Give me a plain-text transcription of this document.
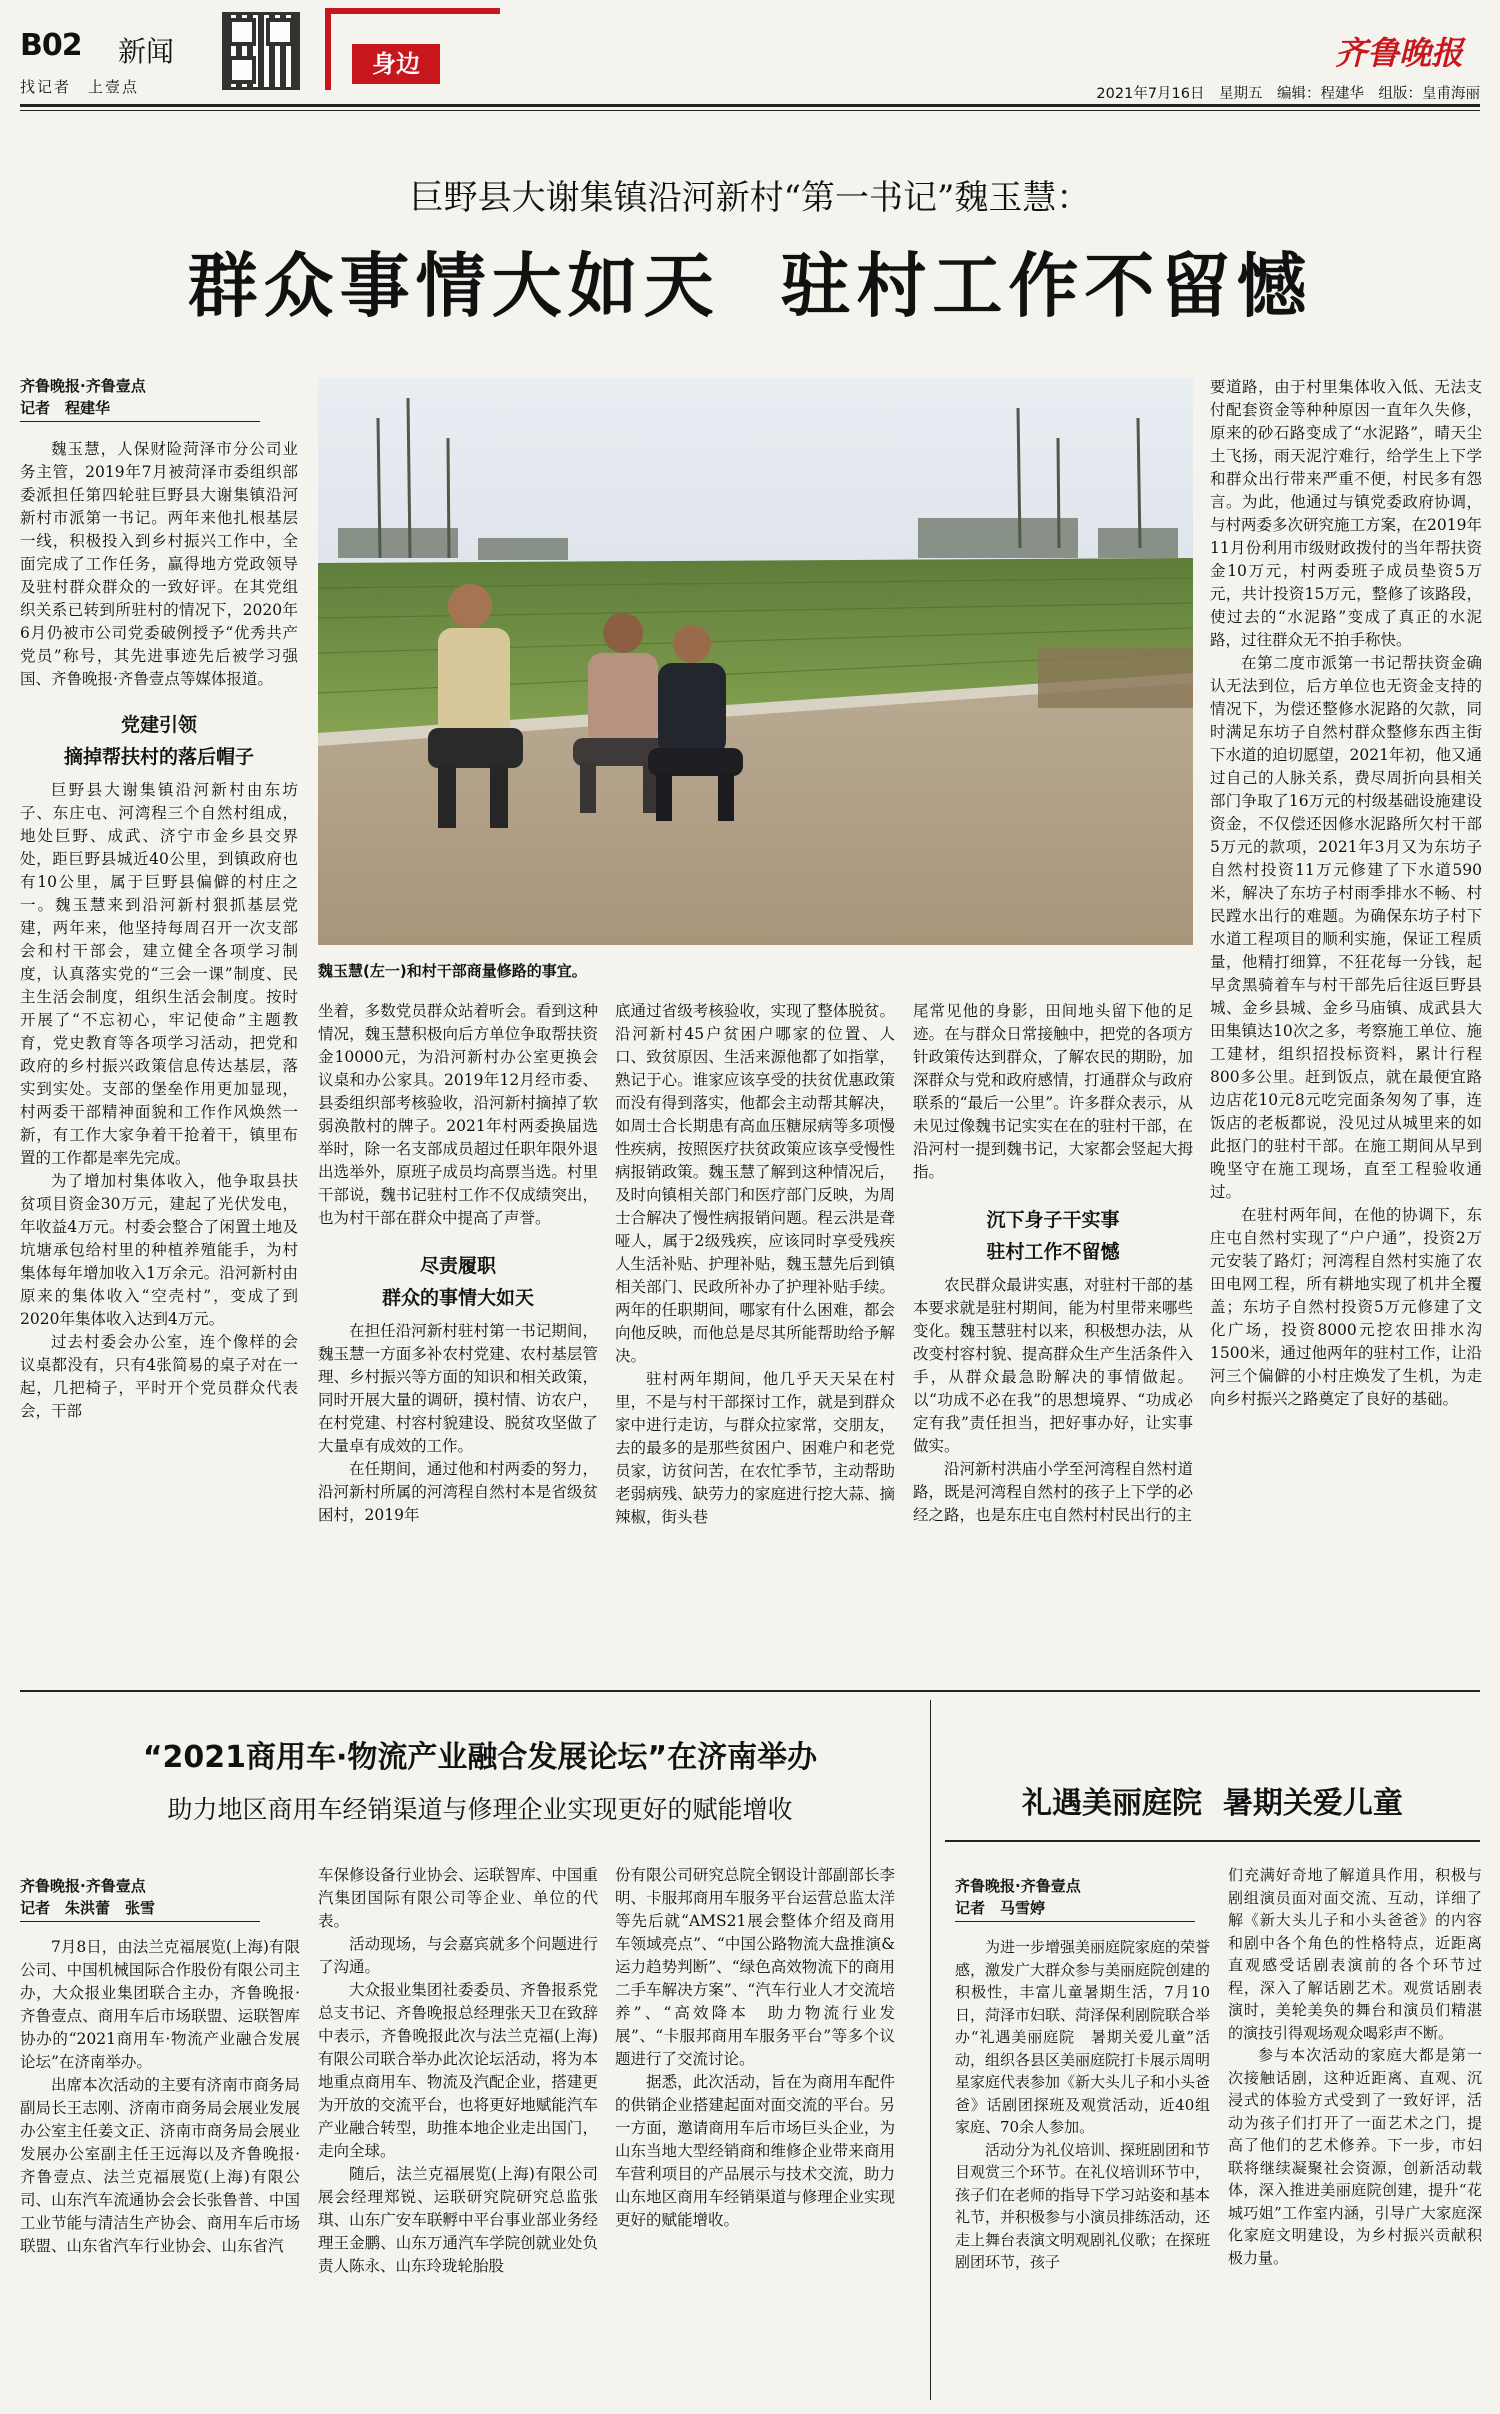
B02 新闻
找记者　上壹点
身边	齐鲁晚报
2021年7月16日　星期五　编辑：程建华　组版：皇甫海丽
巨野县大谢集镇沿河新村“第一书记”魏玉慧：
群众事情大如天  驻村工作不留憾
齐鲁晚报·齐鲁壹点
记者　程建华

魏玉慧，人保财险菏泽市分公司业务主管，2019年7月被菏泽市委组织部委派担任第四轮驻巨野县大谢集镇沿河新村市派第一书记。两年来他扎根基层一线，积极投入到乡村振兴工作中，全面完成了工作任务，赢得地方党政领导及驻村群众群众的一致好评。在其党组织关系已转到所驻村的情况下，2020年6月仍被市公司党委破例授予“优秀共产党员”称号，其先进事迹先后被学习强国、齐鲁晚报·齐鲁壹点等媒体报道。

党建引领
摘掉帮扶村的落后帽子

巨野县大谢集镇沿河新村由东坊子、东庄屯、河湾程三个自然村组成，地处巨野、成武、济宁市金乡县交界处，距巨野县城近40公里，到镇政府也有10公里，属于巨野县偏僻的村庄之一。魏玉慧来到沿河新村狠抓基层党建，两年来，他坚持每周召开一次支部会和村干部会，建立健全各项学习制度，认真落实党的“三会一课”制度、民主生活会制度，组织生活会制度。按时开展了“不忘初心，牢记使命”主题教育，党史教育等各项学习活动，把党和政府的乡村振兴政策信息传达基层，落实到实处。支部的堡垒作用更加显现，村两委干部精神面貌和工作作风焕然一新，有工作大家争着干抢着干，镇里布置的工作都是率先完成。

为了增加村集体收入，他争取县扶贫项目资金30万元，建起了光伏发电，年收益4万元。村委会整合了闲置土地及坑塘承包给村里的种植养殖能手，为村集体每年增加收入1万余元。沿河新村由原来的集体收入“空壳村”，变成了到2020年集体收入达到4万元。

过去村委会办公室，连个像样的会议桌都没有，只有4张简易的桌子对在一起，几把椅子，平时开个党员群众代表会，干部

魏玉慧(左一)和村干部商量修路的事宜。

坐着，多数党员群众站着听会。看到这种情况，魏玉慧积极向后方单位争取帮扶资金10000元，为沿河新村办公室更换会议桌和办公家具。2019年12月经市委、县委组织部考核验收，沿河新村摘掉了软弱涣散村的牌子。2021年村两委换届选举时，除一名支部成员超过任职年限外退出选举外，原班子成员均高票当选。村里干部说，魏书记驻村工作不仅成绩突出，也为村干部在群众中提高了声誉。

尽责履职
群众的事情大如天

在担任沿河新村驻村第一书记期间，魏玉慧一方面多补农村党建、农村基层管理、乡村振兴等方面的知识和相关政策，同时开展大量的调研，摸村情、访农户，在村党建、村容村貌建设、脱贫攻坚做了大量卓有成效的工作。

在任期间，通过他和村两委的努力，沿河新村所属的河湾程自然村本是省级贫困村，2019年

底通过省级考核验收，实现了整体脱贫。沿河新村45户贫困户哪家的位置、人口、致贫原因、生活来源他都了如指掌，熟记于心。谁家应该享受的扶贫优惠政策而没有得到落实，他都会主动帮其解决，如周士合长期患有高血压糖尿病等多项慢性疾病，按照医疗扶贫政策应该享受慢性病报销政策。魏玉慧了解到这种情况后，及时向镇相关部门和医疗部门反映，为周士合解决了慢性病报销问题。程云洪是聋哑人，属于2级残疾，应该同时享受残疾人生活补贴、护理补贴，魏玉慧先后到镇相关部门、民政所补办了护理补贴手续。两年的任职期间，哪家有什么困难，都会向他反映，而他总是尽其所能帮助给予解决。

驻村两年期间，他几乎天天呆在村里，不是与村干部探讨工作，就是到群众家中进行走访，与群众拉家常，交朋友，去的最多的是那些贫困户、困难户和老党员家，访贫问苦，在农忙季节，主动帮助老弱病残、缺劳力的家庭进行挖大蒜、摘辣椒，街头巷

尾常见他的身影，田间地头留下他的足迹。在与群众日常接触中，把党的各项方针政策传达到群众，了解农民的期盼，加深群众与党和政府感情，打通群众与政府联系的“最后一公里”。许多群众表示，从未见过像魏书记实实在在的驻村干部，在沿河村一提到魏书记，大家都会竖起大拇指。

沉下身子干实事
驻村工作不留憾

农民群众最讲实惠，对驻村干部的基本要求就是驻村期间，能为村里带来哪些变化。魏玉慧驻村以来，积极想办法，从改变村容村貌、提高群众生产生活条件入手，从群众最急盼解决的事情做起。以“功成不必在我”的思想境界、“功成必定有我”责任担当，把好事办好，让实事做实。

沿河新村洪庙小学至河湾程自然村道路，既是河湾程自然村的孩子上下学的必经之路，也是东庄屯自然村村民出行的主

要道路，由于村里集体收入低、无法支付配套资金等种种原因一直年久失修，原来的砂石路变成了“水泥路”，晴天尘土飞扬，雨天泥泞难行，给学生上下学和群众出行带来严重不便，村民多有怨言。为此，他通过与镇党委政府协调，与村两委多次研究施工方案，在2019年11月份利用市级财政拨付的当年帮扶资金10万元，村两委班子成员垫资5万元，共计投资15万元，整修了该路段，使过去的“水泥路”变成了真正的水泥路，过往群众无不拍手称快。

在第二度市派第一书记帮扶资金确认无法到位，后方单位也无资金支持的情况下，为偿还整修水泥路的欠款，同时满足东坊子自然村群众整修东西主街下水道的迫切愿望，2021年初，他又通过自己的人脉关系，费尽周折向县相关部门争取了16万元的村级基础设施建设资金，不仅偿还因修水泥路所欠村干部5万元的款项，2021年3月又为东坊子自然村投资11万元修建了下水道590米，解决了东坊子村雨季排水不畅、村民蹚水出行的难题。为确保东坊子村下水道工程项目的顺利实施，保证工程质量，他精打细算，不狂花每一分钱，起早贪黑骑着车与村干部先后往返巨野县城、金乡县城、金乡马庙镇、成武县大田集镇达10次之多，考察施工单位、施工建材，组织招投标资料，累计行程800多公里。赶到饭点，就在最便宜路边店花10元8元吃完面条匆匆了事，连饭店的老板都说，没见过从城里来的如此抠门的驻村干部。在施工期间从早到晚坚守在施工现场，直至工程验收通过。

在驻村两年间，在他的协调下，东庄屯自然村实现了“户户通”，投资2万元安装了路灯；河湾程自然村实施了农田电网工程，所有耕地实现了机井全覆盖；东坊子自然村投资5万元修建了文化广场，投资8000元挖农田排水沟1500米，通过他两年的驻村工作，让沿河三个偏僻的小村庄焕发了生机，为走向乡村振兴之路奠定了良好的基础。

“2021商用车·物流产业融合发展论坛”在济南举办
助力地区商用车经销渠道与修理企业实现更好的赋能增收
齐鲁晚报·齐鲁壹点
记者　朱洪蕾　张雪

7月8日，由法兰克福展览(上海)有限公司、中国机械国际合作股份有限公司主办，大众报业集团联合主办，齐鲁晚报·齐鲁壹点、商用车后市场联盟、运联智库协办的“2021商用车·物流产业融合发展论坛”在济南举办。

出席本次活动的主要有济南市商务局副局长王志刚、济南市商务局会展业发展办公室主任姜文正、济南市商务局会展业发展办公室副主任王远海以及齐鲁晚报·齐鲁壹点、法兰克福展览(上海)有限公司、山东汽车流通协会会长张鲁普、中国工业节能与清洁生产协会、商用车后市场联盟、山东省汽车行业协会、山东省汽

车保修设备行业协会、运联智库、中国重汽集团国际有限公司等企业、单位的代表。

活动现场，与会嘉宾就多个问题进行了沟通。

大众报业集团社委委员、齐鲁报系党总支书记、齐鲁晚报总经理张天卫在致辞中表示，齐鲁晚报此次与法兰克福(上海)有限公司联合举办此次论坛活动，将为本地重点商用车、物流及汽配企业，搭建更为开放的交流平台，也将更好地赋能汽车产业融合转型，助推本地企业走出国门，走向全球。

随后，法兰克福展览(上海)有限公司展会经理郑锐、运联研究院研究总监张琪、山东广安车联孵中平台事业部业务经理王金鹏、山东万通汽车学院创就业处负责人陈永、山东玲珑轮胎股

份有限公司研究总院全钢设计部副部长李明、卡服邦商用车服务平台运营总监太洋等先后就“AMS21展会整体介绍及商用车领域亮点”、“中国公路物流大盘推演&运力趋势判断”、“绿色高效物流下的商用二手车解决方案”、“汽车行业人才交流培养”、“高效降本　助力物流行业发展”、“卡服邦商用车服务平台”等多个议题进行了交流讨论。

据悉，此次活动，旨在为商用车配件的供销企业搭建起面对面交流的平台。另一方面，邀请商用车后市场巨头企业，为山东当地大型经销商和维修企业带来商用车营利项目的产品展示与技术交流，助力山东地区商用车经销渠道与修理企业实现更好的赋能增收。

礼遇美丽庭院  暑期关爱儿童
齐鲁晚报·齐鲁壹点
记者　马雪婷

为进一步增强美丽庭院家庭的荣誉感，激发广大群众参与美丽庭院创建的积极性，丰富儿童暑期生活，7月10日，菏泽市妇联、菏泽保利剧院联合举办“礼遇美丽庭院　暑期关爱儿童”活动，组织各县区美丽庭院打卡展示周明星家庭代表参加《新大头儿子和小头爸爸》话剧团探班及观赏活动，近40组家庭、70余人参加。

活动分为礼仪培训、探班剧团和节目观赏三个环节。在礼仪培训环节中，孩子们在老师的指导下学习站姿和基本礼节，并积极参与小演员排练活动，还走上舞台表演文明观剧礼仪歌；在探班剧团环节，孩子

们充满好奇地了解道具作用，积极与剧组演员面对面交流、互动，详细了解《新大头儿子和小头爸爸》的内容和剧中各个角色的性格特点，近距离直观感受话剧表演前的各个环节过程，深入了解话剧艺术。观赏话剧表演时，美轮美奂的舞台和演员们精湛的演技引得观场观众喝彩声不断。

参与本次活动的家庭大都是第一次接触话剧，这种近距离、直观、沉浸式的体验方式受到了一致好评，活动为孩子们打开了一面艺术之门，提高了他们的艺术修养。下一步，市妇联将继续凝聚社会资源，创新活动载体，深入推进美丽庭院创建，提升“花城巧姐”工作室内涵，引导广大家庭深化家庭文明建设，为乡村振兴贡献积极力量。
